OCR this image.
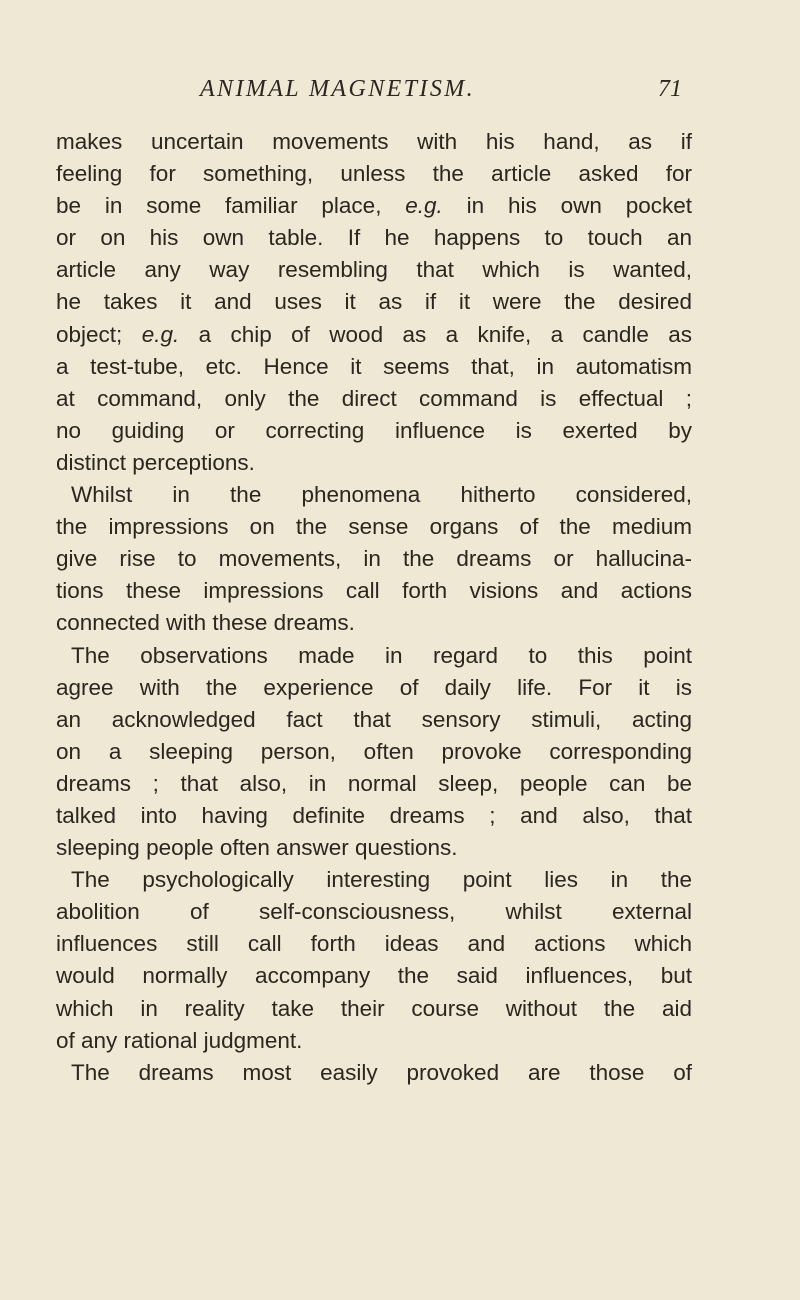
ANIMAL MAGNETISM.	71
makes uncertain movements with his hand, as if
feeling for something, unless the article asked for
be in some familiar place, e.g. in his own pocket
or on his own table. If he happens to touch an
article any way resembling that which is wanted,
he takes it and uses it as if it were the desired
object; e.g. a chip of wood as a knife, a candle as
a test-tube, etc. Hence it seems that, in automatism
at command, only the direct command is effectual ;
no guiding or correcting influence is exerted by
distinct perceptions.
Whilst in the phenomena hitherto considered,
the impressions on the sense organs of the medium
give rise to movements, in the dreams or hallucina-
tions these impressions call forth visions and actions
connected with these dreams.
The observations made in regard to this point
agree with the experience of daily life. For it is
an acknowledged fact that sensory stimuli, acting
on a sleeping person, often provoke corresponding
dreams ; that also, in normal sleep, people can be
talked into having definite dreams ; and also, that
sleeping people often answer questions.
The psychologically interesting point lies in the
abolition of self-consciousness, whilst external
influences still call forth ideas and actions which
would normally accompany the said influences, but
which in reality take their course without the aid
of any rational judgment.
The dreams most easily provoked are those of
